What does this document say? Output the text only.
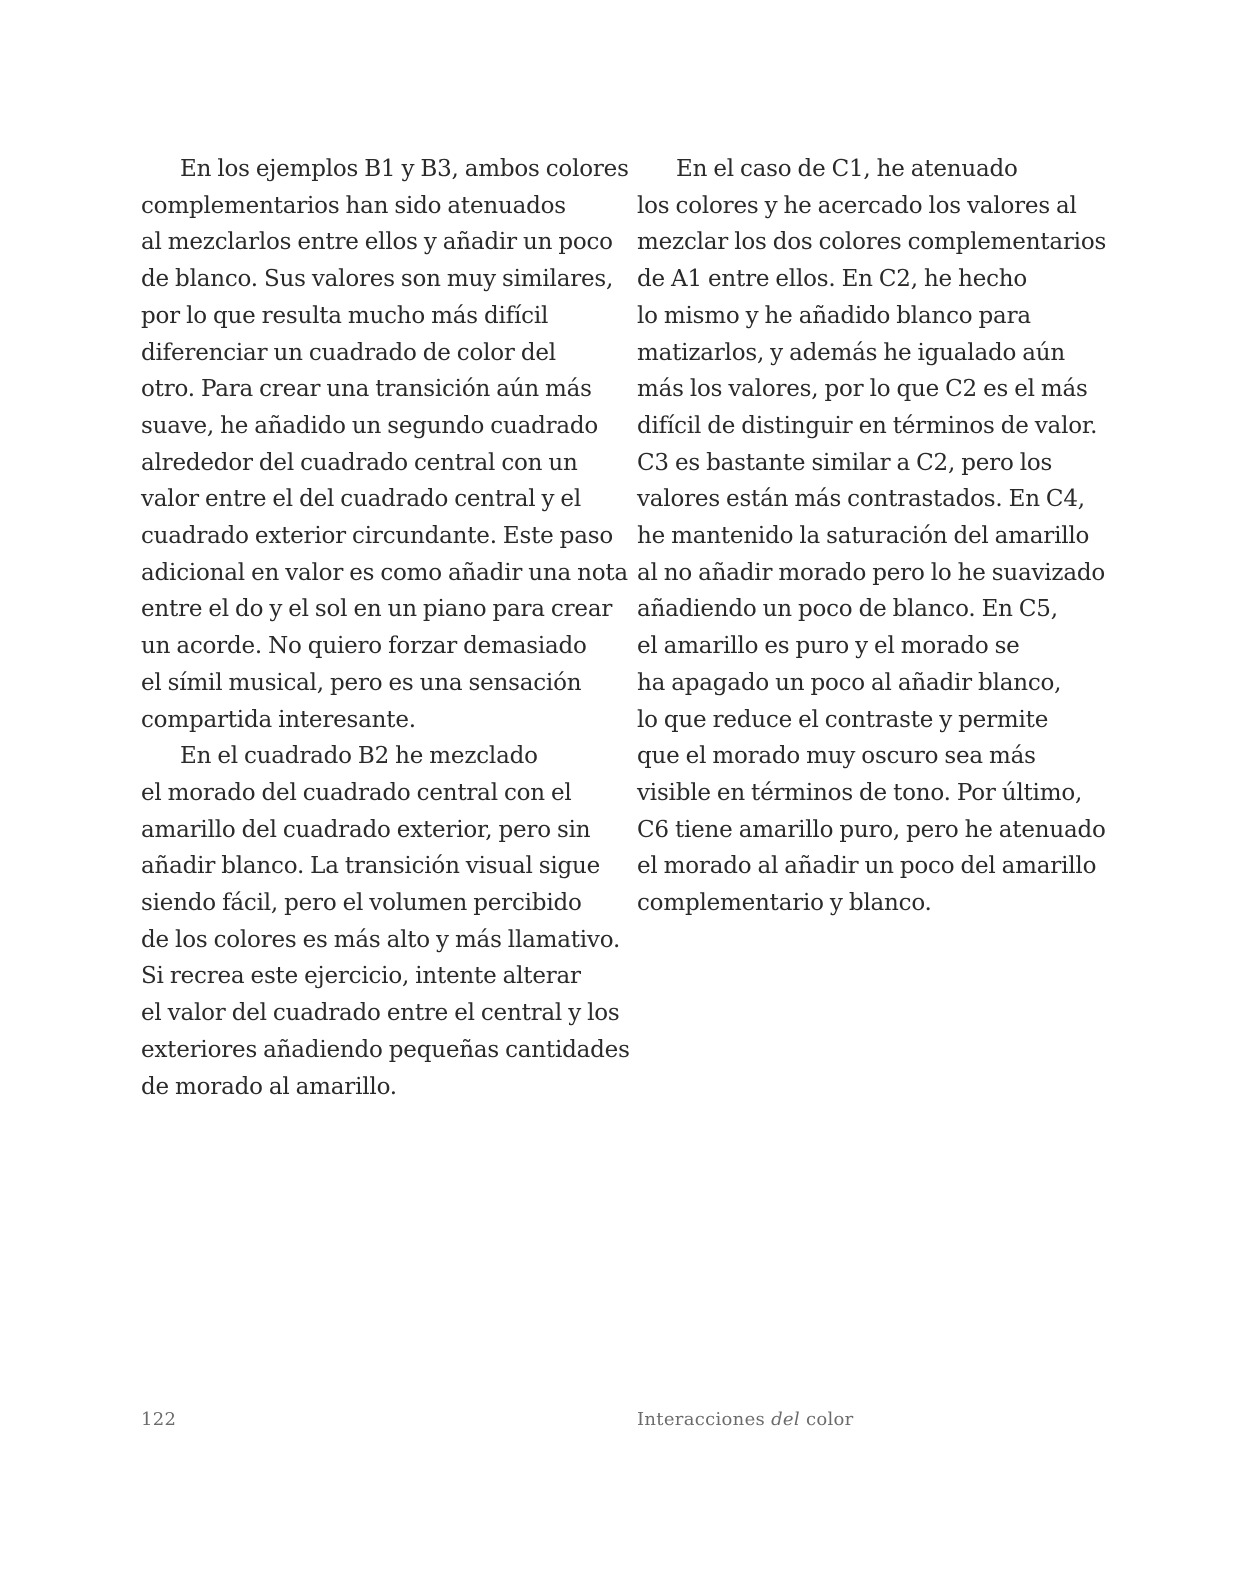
En los ejemplos B1 y B3, ambos colores
complementarios han sido atenuados
al mezclarlos entre ellos y añadir un poco
de blanco. Sus valores son muy similares,
por lo que resulta mucho más difícil
diferenciar un cuadrado de color del
otro. Para crear una transición aún más
suave, he añadido un segundo cuadrado
alrededor del cuadrado central con un
valor entre el del cuadrado central y el
cuadrado exterior circundante. Este paso
adicional en valor es como añadir una nota
entre el do y el sol en un piano para crear
un acorde. No quiero forzar demasiado
el símil musical, pero es una sensación
compartida interesante.
En el cuadrado B2 he mezclado
el morado del cuadrado central con el
amarillo del cuadrado exterior, pero sin
añadir blanco. La transición visual sigue
siendo fácil, pero el volumen percibido
de los colores es más alto y más llamativo.
Si recrea este ejercicio, intente alterar
el valor del cuadrado entre el central y los
exteriores añadiendo pequeñas cantidades
de morado al amarillo.
En el caso de C1, he atenuado
los colores y he acercado los valores al
mezclar los dos colores complementarios
de A1 entre ellos. En C2, he hecho
lo mismo y he añadido blanco para
matizarlos, y además he igualado aún
más los valores, por lo que C2 es el más
difícil de distinguir en términos de valor.
C3 es bastante similar a C2, pero los
valores están más contrastados. En C4,
he mantenido la saturación del amarillo
al no añadir morado pero lo he suavizado
añadiendo un poco de blanco. En C5,
el amarillo es puro y el morado se
ha apagado un poco al añadir blanco,
lo que reduce el contraste y permite
que el morado muy oscuro sea más
visible en términos de tono. Por último,
C6 tiene amarillo puro, pero he atenuado
el morado al añadir un poco del amarillo
complementario y blanco.
122	Interacciones del color
